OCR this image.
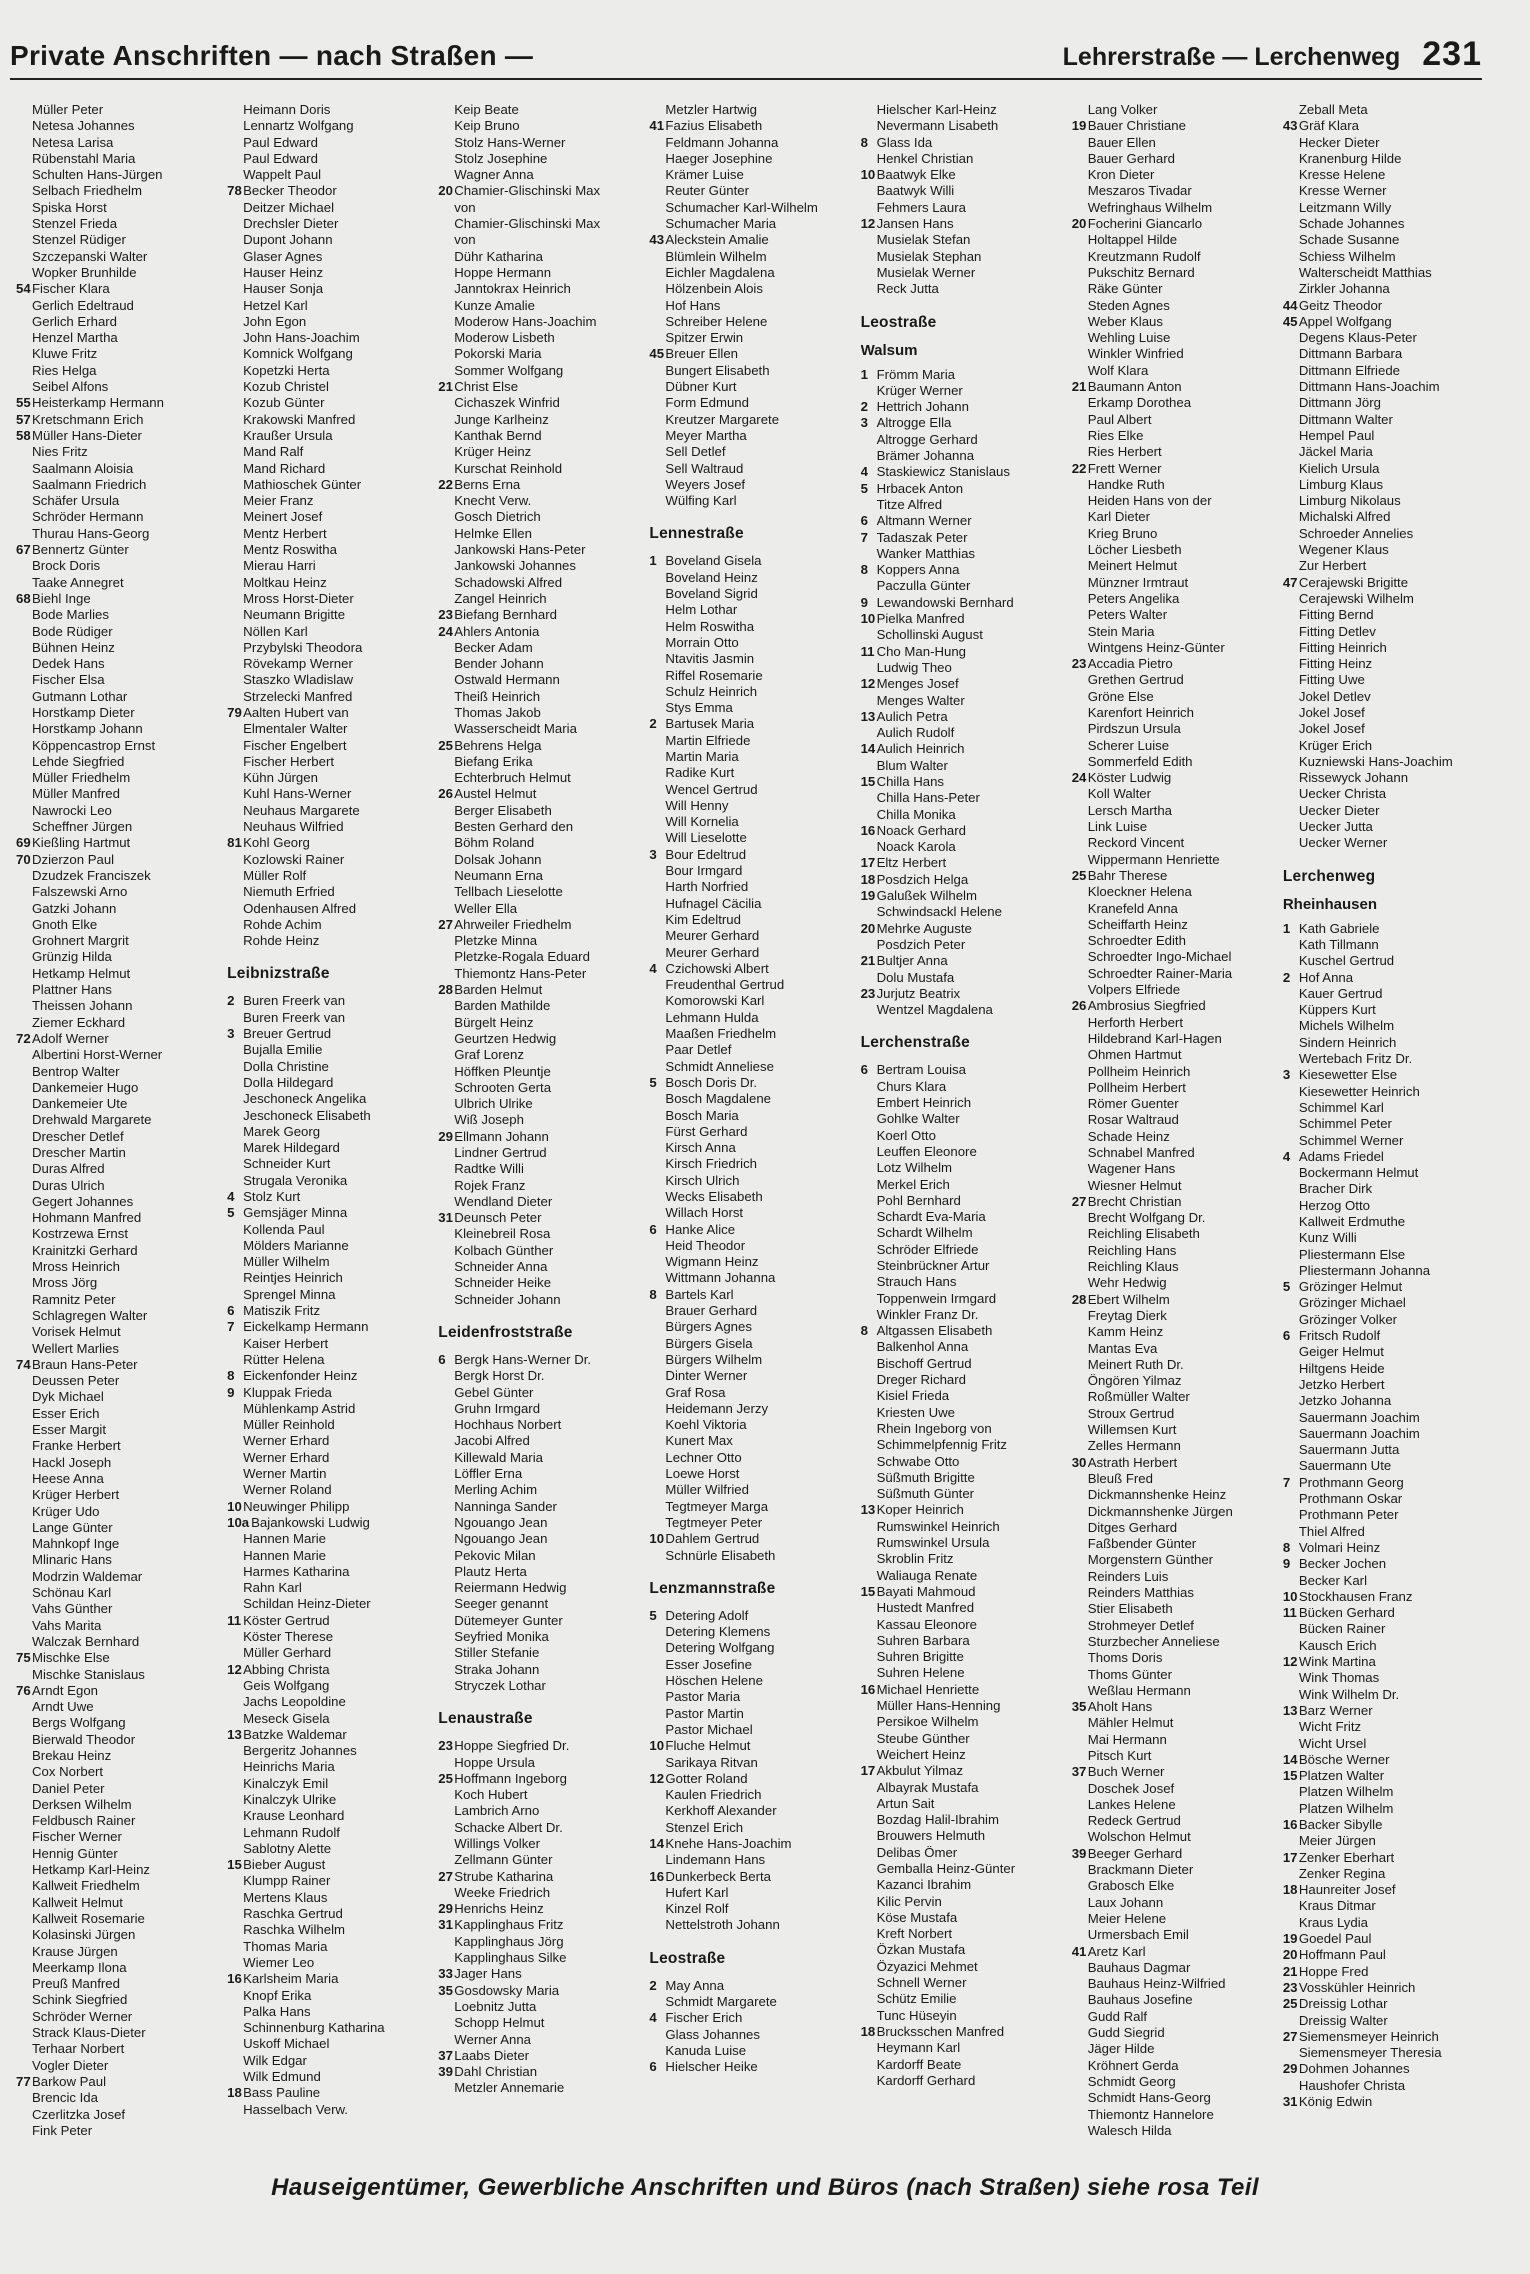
Private Anschriften — nach Straßen —	Lehrerstraße — Lerchenweg 231
Müller Peter
Netesa Johannes
Netesa Larisa
Rübenstahl Maria
Schulten Hans-Jürgen
Selbach Friedhelm
Spiska Horst
Stenzel Frieda
Stenzel Rüdiger
Szczepanski Walter
Wopker Brunhilde
54 Fischer Klara
Gerlich Edeltraud
Gerlich Erhard
Henzel Martha
Kluwe Fritz
Ries Helga
Seibel Alfons
55 Heisterkamp Hermann
57 Kretschmann Erich
58 Müller Hans-Dieter
Nies Fritz
Saalmann Aloisia
Saalmann Friedrich
Schäfer Ursula
Schröder Hermann
Thurau Hans-Georg
67 Bennertz Günter
Brock Doris
Taake Annegret
68 Biehl Inge
Bode Marlies
Bode Rüdiger
Bühnen Heinz
Dedek Hans
Fischer Elsa
Gutmann Lothar
Horstkamp Dieter
Horstkamp Johann
Köppencastrop Ernst
Lehde Siegfried
Müller Friedhelm
Müller Manfred
Nawrocki Leo
Scheffner Jürgen
69 Kießling Hartmut
70 Dzierzon Paul
Dzudzek Franciszek
Falszewski Arno
Gatzki Johann
Gnoth Elke
Grohnert Margrit
Grünzig Hilda
Hetkamp Helmut
Plattner Hans
Theissen Johann
Ziemer Eckhard
72 Adolf Werner
Albertini Horst-Werner
Bentrop Walter
Dankemeier Hugo
Dankemeier Ute
Drehwald Margarete
Drescher Detlef
Drescher Martin
Duras Alfred
Duras Ulrich
Gegert Johannes
Hohmann Manfred
Kostrzewa Ernst
Krainitzki Gerhard
Mross Heinrich
Mross Jörg
Ramnitz Peter
Schlagregen Walter
Vorisek Helmut
Wellert Marlies
74 Braun Hans-Peter
Deussen Peter
Dyk Michael
Esser Erich
Esser Margit
Franke Herbert
Hackl Joseph
Heese Anna
Krüger Herbert
Krüger Udo
Lange Günter
Mahnkopf Inge
Mlinaric Hans
Modrzin Waldemar
Schönau Karl
Vahs Günther
Vahs Marita
Walczak Bernhard
75 Mischke Else
Mischke Stanislaus
76 Arndt Egon
Arndt Uwe
Bergs Wolfgang
Bierwald Theodor
Brekau Heinz
Cox Norbert
Daniel Peter
Derksen Wilhelm
Feldbusch Rainer
Fischer Werner
Hennig Günter
Hetkamp Karl-Heinz
Kallweit Friedhelm
Kallweit Helmut
Kallweit Rosemarie
Kolasinski Jürgen
Krause Jürgen
Meerkamp Ilona
Preuß Manfred
Schink Siegfried
Schröder Werner
Strack Klaus-Dieter
Terhaar Norbert
Vogler Dieter
77 Barkow Paul
Brencic Ida
Czerlitzka Josef
Fink Peter
Heimann Doris
Lennartz Wolfgang
Paul Edward
Paul Edward
Wappelt Paul
78 Becker Theodor
Deitzer Michael
Drechsler Dieter
Dupont Johann
Glaser Agnes
Hauser Heinz
Hauser Sonja
Hetzel Karl
John Egon
John Hans-Joachim
Komnick Wolfgang
Kopetzki Herta
Kozub Christel
Kozub Günter
Krakowski Manfred
Kraußer Ursula
Mand Ralf
Mand Richard
Mathioschek Günter
Meier Franz
Meinert Josef
Mentz Herbert
Mentz Roswitha
Mierau Harri
Moltkau Heinz
Mross Horst-Dieter
Neumann Brigitte
Nöllen Karl
Przybylski Theodora
Rövekamp Werner
Staszko Wladislaw
Strzelecki Manfred
79 Aalten Hubert van
Elmentaler Walter
Fischer Engelbert
Fischer Herbert
Kühn Jürgen
Kuhl Hans-Werner
Neuhaus Margarete
Neuhaus Wilfried
81 Kohl Georg
Kozlowski Rainer
Müller Rolf
Niemuth Erfried
Odenhausen Alfred
Rohde Achim
Rohde Heinz
Leibnizstraße
2 Buren Freerk van
Buren Freerk van
3 Breuer Gertrud
Bujalla Emilie
Dolla Christine
Dolla Hildegard
Jeschoneck Angelika
Jeschoneck Elisabeth
Marek Georg
Marek Hildegard
Schneider Kurt
Strugala Veronika
4 Stolz Kurt
5 Gemsjäger Minna
Kollenda Paul
Mölders Marianne
Müller Wilhelm
Reintjes Heinrich
Sprengel Minna
6 Matiszik Fritz
7 Eickelkamp Hermann
Kaiser Herbert
Rütter Helena
8 Eickenfonder Heinz
9 Kluppak Frieda
Mühlenkamp Astrid
Müller Reinhold
Werner Erhard
Werner Erhard
Werner Martin
Werner Roland
10 Neuwinger Philipp
10a Bajankowski Ludwig
Hannen Marie
Hannen Marie
Harmes Katharina
Rahn Karl
Schildan Heinz-Dieter
11 Köster Gertrud
Köster Therese
Müller Gerhard
12 Abbing Christa
Geis Wolfgang
Jachs Leopoldine
Meseck Gisela
13 Batzke Waldemar
Bergeritz Johannes
Heinrichs Maria
Kinalczyk Emil
Kinalczyk Ulrike
Krause Leonhard
Lehmann Rudolf
Sablotny Alette
15 Bieber August
Klumpp Rainer
Mertens Klaus
Raschka Gertrud
Raschka Wilhelm
Thomas Maria
Wiemer Leo
16 Karlsheim Maria
Knopf Erika
Palka Hans
Schinnenburg Katharina
Uskoff Michael
Wilk Edgar
Wilk Edmund
18 Bass Pauline
Hasselbach Verw.
Keip Beate
Keip Bruno
Stolz Hans-Werner
Stolz Josephine
Wagner Anna
20 Chamier-Glischinski Max
von
Chamier-Glischinski Max
von
Dühr Katharina
Hoppe Hermann
Janntokrax Heinrich
Kunze Amalie
Moderow Hans-Joachim
Moderow Lisbeth
Pokorski Maria
Sommer Wolfgang
21 Christ Else
Cichaszek Winfrid
Junge Karlheinz
Kanthak Bernd
Krüger Heinz
Kurschat Reinhold
22 Berns Erna
Knecht Verw.
Gosch Dietrich
Helmke Ellen
Jankowski Hans-Peter
Jankowski Johannes
Schadowski Alfred
Zangel Heinrich
23 Biefang Bernhard
24 Ahlers Antonia
Becker Adam
Bender Johann
Ostwald Hermann
Theiß Heinrich
Thomas Jakob
Wasserscheidt Maria
25 Behrens Helga
Biefang Erika
Echterbruch Helmut
26 Austel Helmut
Berger Elisabeth
Besten Gerhard den
Böhm Roland
Dolsak Johann
Neumann Erna
Tellbach Lieselotte
Weller Ella
27 Ahrweiler Friedhelm
Pletzke Minna
Pletzke-Rogala Eduard
Thiemontz Hans-Peter
28 Barden Helmut
Barden Mathilde
Bürgelt Heinz
Geurtzen Hedwig
Graf Lorenz
Höffken Pleuntje
Schrooten Gerta
Ulbrich Ulrike
Wiß Joseph
29 Ellmann Johann
Lindner Gertrud
Radtke Willi
Rojek Franz
Wendland Dieter
31 Deunsch Peter
Kleinebreil Rosa
Kolbach Günther
Schneider Anna
Schneider Heike
Schneider Johann
Leidenfroststraße
6 Bergk Hans-Werner Dr.
Bergk Horst Dr.
Gebel Günter
Gruhn Irmgard
Hochhaus Norbert
Jacobi Alfred
Killewald Maria
Löffler Erna
Merling Achim
Nanninga Sander
Ngouango Jean
Ngouango Jean
Pekovic Milan
Plautz Herta
Reiermann Hedwig
Seeger genannt
Dütemeyer Gunter
Seyfried Monika
Stiller Stefanie
Straka Johann
Stryczek Lothar
Lenaustraße
23 Hoppe Siegfried Dr.
Hoppe Ursula
25 Hoffmann Ingeborg
Koch Hubert
Lambrich Arno
Schacke Albert Dr.
Willings Volker
Zellmann Günter
27 Strube Katharina
Weeke Friedrich
29 Henrichs Heinz
31 Kapplinghaus Fritz
Kapplinghaus Jörg
Kapplinghaus Silke
33 Jager Hans
35 Gosdowsky Maria
Loebnitz Jutta
Schopp Helmut
Werner Anna
37 Laabs Dieter
39 Dahl Christian
Metzler Annemarie
Metzler Hartwig
41 Fazius Elisabeth
Feldmann Johanna
Haeger Josephine
Krämer Luise
Reuter Günter
Schumacher Karl-Wilhelm
Schumacher Maria
43 Aleckstein Amalie
Blümlein Wilhelm
Eichler Magdalena
Hölzenbein Alois
Hof Hans
Schreiber Helene
Spitzer Erwin
45 Breuer Ellen
Bungert Elisabeth
Dübner Kurt
Form Edmund
Kreutzer Margarete
Meyer Martha
Sell Detlef
Sell Waltraud
Weyers Josef
Wülfing Karl
Lennestraße
1 Boveland Gisela
Boveland Heinz
Boveland Sigrid
Helm Lothar
Helm Roswitha
Morrain Otto
Ntavitis Jasmin
Riffel Rosemarie
Schulz Heinrich
Stys Emma
2 Bartusek Maria
Martin Elfriede
Martin Maria
Radike Kurt
Wencel Gertrud
Will Henny
Will Kornelia
Will Lieselotte
3 Bour Edeltrud
Bour Irmgard
Harth Norfried
Hufnagel Cäcilia
Kim Edeltrud
Meurer Gerhard
Meurer Gerhard
4 Czichowski Albert
Freudenthal Gertrud
Komorowski Karl
Lehmann Hulda
Maaßen Friedhelm
Paar Detlef
Schmidt Anneliese
5 Bosch Doris Dr.
Bosch Magdalene
Bosch Maria
Fürst Gerhard
Kirsch Anna
Kirsch Friedrich
Kirsch Ulrich
Wecks Elisabeth
Willach Horst
6 Hanke Alice
Heid Theodor
Wigmann Heinz
Wittmann Johanna
8 Bartels Karl
Brauer Gerhard
Bürgers Agnes
Bürgers Gisela
Bürgers Wilhelm
Dinter Werner
Graf Rosa
Heidemann Jerzy
Koehl Viktoria
Kunert Max
Lechner Otto
Loewe Horst
Müller Wilfried
Tegtmeyer Marga
Tegtmeyer Peter
10 Dahlem Gertrud
Schnürle Elisabeth
Lenzmannstraße
5 Detering Adolf
Detering Klemens
Detering Wolfgang
Esser Josefine
Höschen Helene
Pastor Maria
Pastor Martin
Pastor Michael
10 Fluche Helmut
Sarikaya Ritvan
12 Gotter Roland
Kaulen Friedrich
Kerkhoff Alexander
Stenzel Erich
14 Knehe Hans-Joachim
Lindemann Hans
16 Dunkerbeck Berta
Hufert Karl
Kinzel Rolf
Nettelstroth Johann
Leostraße
2 May Anna
Schmidt Margarete
4 Fischer Erich
Glass Johannes
Kanuda Luise
6 Hielscher Heike
Hielscher Karl-Heinz
Nevermann Lisabeth
8 Glass Ida
Henkel Christian
10 Baatwyk Elke
Baatwyk Willi
Fehmers Laura
12 Jansen Hans
Musielak Stefan
Musielak Stephan
Musielak Werner
Reck Jutta
Leostraße
Walsum
1 Frömm Maria
Krüger Werner
2 Hettrich Johann
3 Altrogge Ella
Altrogge Gerhard
Brämer Johanna
4 Staskiewicz Stanislaus
5 Hrbacek Anton
Titze Alfred
6 Altmann Werner
7 Tadaszak Peter
Wanker Matthias
8 Koppers Anna
Paczulla Günter
9 Lewandowski Bernhard
10 Pielka Manfred
Schollinski August
11 Cho Man-Hung
Ludwig Theo
12 Menges Josef
Menges Walter
13 Aulich Petra
Aulich Rudolf
14 Aulich Heinrich
Blum Walter
15 Chilla Hans
Chilla Hans-Peter
Chilla Monika
16 Noack Gerhard
Noack Karola
17 Eltz Herbert
18 Posdzich Helga
19 Galußek Wilhelm
Schwindsackl Helene
20 Mehrke Auguste
Posdzich Peter
21 Bultjer Anna
Dolu Mustafa
23 Jurjutz Beatrix
Wentzel Magdalena
Lerchenstraße
6 Bertram Louisa
Churs Klara
Embert Heinrich
Gohlke Walter
Koerl Otto
Leuffen Eleonore
Lotz Wilhelm
Merkel Erich
Pohl Bernhard
Schardt Eva-Maria
Schardt Wilhelm
Schröder Elfriede
Steinbrückner Artur
Strauch Hans
Toppenwein Irmgard
Winkler Franz Dr.
8 Altgassen Elisabeth
Balkenhol Anna
Bischoff Gertrud
Dreger Richard
Kisiel Frieda
Kriesten Uwe
Rhein Ingeborg von
Schimmelpfennig Fritz
Schwabe Otto
Süßmuth Brigitte
Süßmuth Günter
13 Koper Heinrich
Rumswinkel Heinrich
Rumswinkel Ursula
Skroblin Fritz
Waliauga Renate
15 Bayati Mahmoud
Hustedt Manfred
Kassau Eleonore
Suhren Barbara
Suhren Brigitte
Suhren Helene
16 Michael Henriette
Müller Hans-Henning
Persikoe Wilhelm
Steube Günther
Weichert Heinz
17 Akbulut Yilmaz
Albayrak Mustafa
Artun Sait
Bozdag Halil-Ibrahim
Brouwers Helmuth
Delibas Ömer
Gemballa Heinz-Günter
Kazanci Ibrahim
Kilic Pervin
Köse Mustafa
Kreft Norbert
Özkan Mustafa
Özyazici Mehmet
Schnell Werner
Schütz Emilie
Tunc Hüseyin
18 Brucksschen Manfred
Heymann Karl
Kardorff Beate
Kardorff Gerhard
Lang Volker
19 Bauer Christiane
Bauer Ellen
Bauer Gerhard
Kron Dieter
Meszaros Tivadar
Wefringhaus Wilhelm
20 Focherini Giancarlo
Holtappel Hilde
Kreutzmann Rudolf
Pukschitz Bernard
Räke Günter
Steden Agnes
Weber Klaus
Wehling Luise
Winkler Winfried
Wolf Klara
21 Baumann Anton
Erkamp Dorothea
Paul Albert
Ries Elke
Ries Herbert
22 Frett Werner
Handke Ruth
Heiden Hans von der
Karl Dieter
Krieg Bruno
Löcher Liesbeth
Meinert Helmut
Münzner Irmtraut
Peters Angelika
Peters Walter
Stein Maria
Wintgens Heinz-Günter
23 Accadia Pietro
Grethen Gertrud
Gröne Else
Karenfort Heinrich
Pirdszun Ursula
Scherer Luise
Sommerfeld Edith
24 Köster Ludwig
Koll Walter
Lersch Martha
Link Luise
Reckord Vincent
Wippermann Henriette
25 Bahr Therese
Kloeckner Helena
Kranefeld Anna
Scheiffarth Heinz
Schroedter Edith
Schroedter Ingo-Michael
Schroedter Rainer-Maria
Volpers Elfriede
26 Ambrosius Siegfried
Herforth Herbert
Hildebrand Karl-Hagen
Ohmen Hartmut
Pollheim Heinrich
Pollheim Herbert
Römer Guenter
Rosar Waltraud
Schade Heinz
Schnabel Manfred
Wagener Hans
Wiesner Helmut
27 Brecht Christian
Brecht Wolfgang Dr.
Reichling Elisabeth
Reichling Hans
Reichling Klaus
Wehr Hedwig
28 Ebert Wilhelm
Freytag Dierk
Kamm Heinz
Mantas Eva
Meinert Ruth Dr.
Öngören Yilmaz
Roßmüller Walter
Stroux Gertrud
Willemsen Kurt
Zelles Hermann
30 Astrath Herbert
Bleuß Fred
Dickmannshenke Heinz
Dickmannshenke Jürgen
Ditges Gerhard
Faßbender Günter
Morgenstern Günther
Reinders Luis
Reinders Matthias
Stier Elisabeth
Strohmeyer Detlef
Sturzbecher Anneliese
Thoms Doris
Thoms Günter
Weßlau Hermann
35 Aholt Hans
Mähler Helmut
Mai Hermann
Pitsch Kurt
37 Buch Werner
Doschek Josef
Lankes Helene
Redeck Gertrud
Wolschon Helmut
39 Beeger Gerhard
Brackmann Dieter
Grabosch Elke
Laux Johann
Meier Helene
Urmersbach Emil
41 Aretz Karl
Bauhaus Dagmar
Bauhaus Heinz-Wilfried
Bauhaus Josefine
Gudd Ralf
Gudd Siegrid
Jäger Hilde
Kröhnert Gerda
Schmidt Georg
Schmidt Hans-Georg
Thiemontz Hannelore
Walesch Hilda
Zeball Meta
43 Gräf Klara
Hecker Dieter
Kranenburg Hilde
Kresse Helene
Kresse Werner
Leitzmann Willy
Schade Johannes
Schade Susanne
Schiess Wilhelm
Walterscheidt Matthias
Zirkler Johanna
44 Geitz Theodor
45 Appel Wolfgang
Degens Klaus-Peter
Dittmann Barbara
Dittmann Elfriede
Dittmann Hans-Joachim
Dittmann Jörg
Dittmann Walter
Hempel Paul
Jäckel Maria
Kielich Ursula
Limburg Klaus
Limburg Nikolaus
Michalski Alfred
Schroeder Annelies
Wegener Klaus
Zur Herbert
47 Cerajewski Brigitte
Cerajewski Wilhelm
Fitting Bernd
Fitting Detlev
Fitting Heinrich
Fitting Heinz
Fitting Uwe
Jokel Detlev
Jokel Josef
Jokel Josef
Krüger Erich
Kuzniewski Hans-Joachim
Rissewyck Johann
Uecker Christa
Uecker Dieter
Uecker Jutta
Uecker Werner
Lerchenweg
Rheinhausen
1 Kath Gabriele
Kath Tillmann
Kuschel Gertrud
2 Hof Anna
Kauer Gertrud
Küppers Kurt
Michels Wilhelm
Sindern Heinrich
Wertebach Fritz Dr.
3 Kiesewetter Else
Kiesewetter Heinrich
Schimmel Karl
Schimmel Peter
Schimmel Werner
4 Adams Friedel
Bockermann Helmut
Bracher Dirk
Herzog Otto
Kallweit Erdmuthe
Kunz Willi
Pliestermann Else
Pliestermann Johanna
5 Grözinger Helmut
Grözinger Michael
Grözinger Volker
6 Fritsch Rudolf
Geiger Helmut
Hiltgens Heide
Jetzko Herbert
Jetzko Johanna
Sauermann Joachim
Sauermann Joachim
Sauermann Jutta
Sauermann Ute
7 Prothmann Georg
Prothmann Oskar
Prothmann Peter
Thiel Alfred
8 Volmari Heinz
9 Becker Jochen
Becker Karl
10 Stockhausen Franz
11 Bücken Gerhard
Bücken Rainer
Kausch Erich
12 Wink Martina
Wink Thomas
Wink Wilhelm Dr.
13 Barz Werner
Wicht Fritz
Wicht Ursel
14 Bösche Werner
15 Platzen Walter
Platzen Wilhelm
Platzen Wilhelm
16 Backer Sibylle
Meier Jürgen
17 Zenker Eberhart
Zenker Regina
18 Haunreiter Josef
Kraus Ditmar
Kraus Lydia
19 Goedel Paul
20 Hoffmann Paul
21 Hoppe Fred
23 Vosskühler Heinrich
25 Dreissig Lothar
Dreissig Walter
27 Siemensmeyer Heinrich
Siemensmeyer Theresia
29 Dohmen Johannes
Haushofer Christa
31 König Edwin
Hauseigentümer, Gewerbliche Anschriften und Büros (nach Straßen) siehe rosa Teil
